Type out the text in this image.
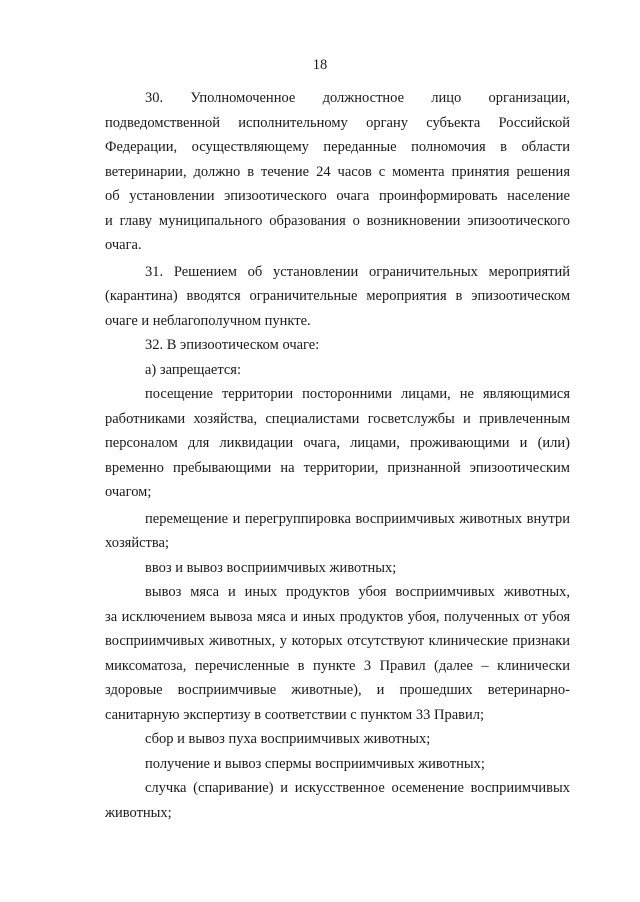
18
30. Уполномоченное должностное лицо организации,
подведомственной исполнительному органу субъекта Российской
Федерации, осуществляющему переданные полномочия в области
ветеринарии, должно в течение 24 часов с момента принятия решения
об установлении эпизоотического очага проинформировать население
и главу муниципального образования о возникновении эпизоотического
очага.
31. Решением об установлении ограничительных мероприятий
(карантина) вводятся ограничительные мероприятия в эпизоотическом
очаге и неблагополучном пункте.
32. В эпизоотическом очаге:
а) запрещается:
посещение территории посторонними лицами, не являющимися
работниками хозяйства, специалистами госветслужбы и привлеченным
персоналом для ликвидации очага, лицами, проживающими и (или)
временно пребывающими на территории, признанной эпизоотическим
очагом;
перемещение и перегруппировка восприимчивых животных внутри
хозяйства;
ввоз и вывоз восприимчивых животных;
вывоз мяса и иных продуктов убоя восприимчивых животных,
за исключением вывоза мяса и иных продуктов убоя, полученных от убоя
восприимчивых животных, у которых отсутствуют клинические признаки
миксоматоза, перечисленные в пункте 3 Правил (далее – клинически
здоровые восприимчивые животные), и прошедших ветеринарно-
санитарную экспертизу в соответствии с пунктом 33 Правил;
сбор и вывоз пуха восприимчивых животных;
получение и вывоз спермы восприимчивых животных;
случка (спаривание) и искусственное осеменение восприимчивых
животных;
